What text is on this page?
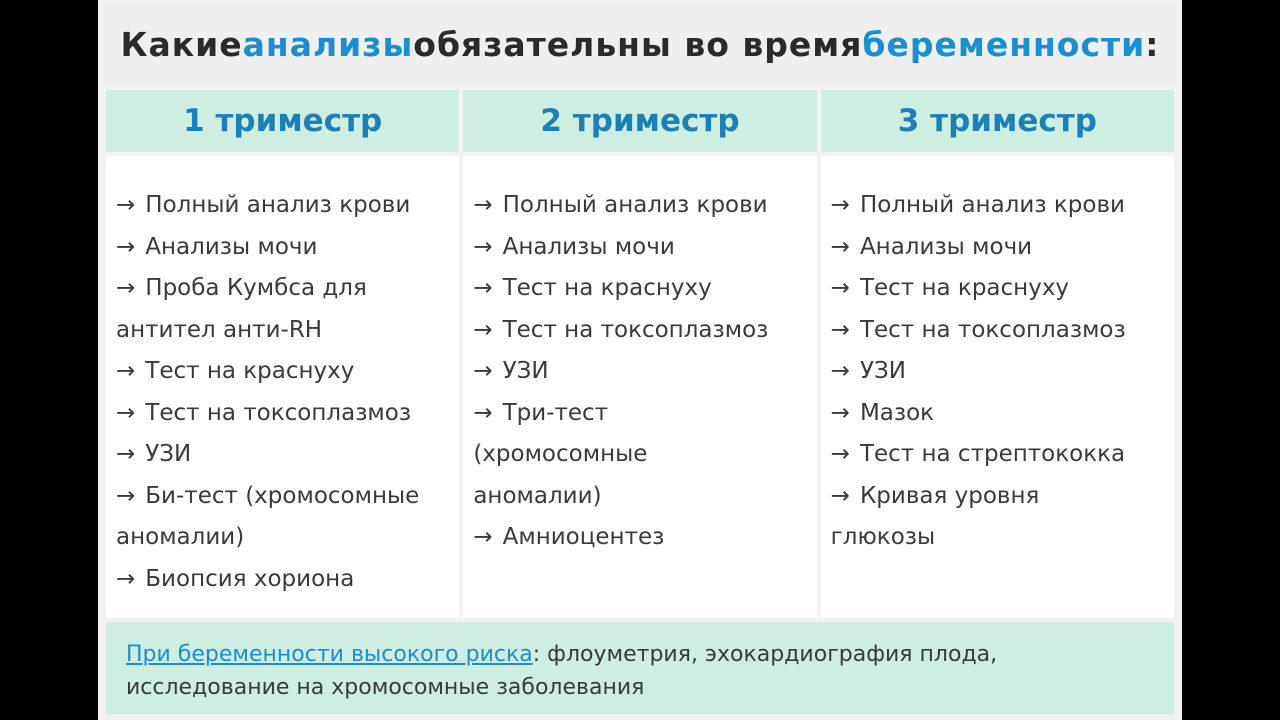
Какие анализы обязательны во время беременности :
1 триместр
→ Полный анализ крови
→ Анализы мочи
→ Проба Кумбса для
антител анти-RH
→ Тест на краснуху
→ Тест на токсоплазмоз
→ УЗИ
→ Би-тест (хромосомные
аномалии)
→ Биопсия хориона
2 триместр
→ Полный анализ крови
→ Анализы мочи
→ Тест на краснуху
→ Тест на токсоплазмоз
→ УЗИ
→ Три-тест
(хромосомные
аномалии)
→ Амниоцентез
3 триместр
→ Полный анализ крови
→ Анализы мочи
→ Тест на краснуху
→ Тест на токсоплазмоз
→ УЗИ
→ Мазок
→ Тест на стрептококка
→ Кривая уровня
глюкозы
При беременности высокого риска: флоуметрия, эхокардиография плода,
исследование на хромосомные заболевания
